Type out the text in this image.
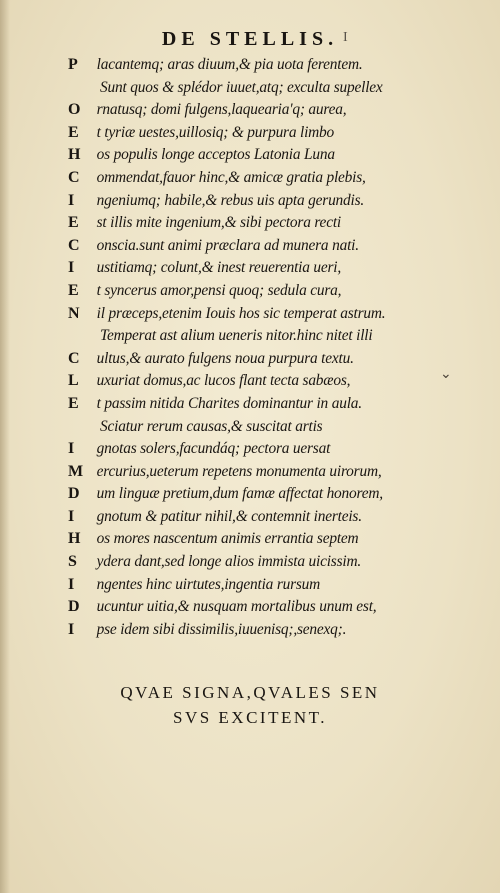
DE STELLIS. I
P lacantemq; aras diuum,& pia uota ferentem.
Sunt quos & splédor iuuet,atq; exculta supellex
O rnatusq; domi fulgens,laquearia'q; aurea,
E t tyriæ uestes,uillosiq; & purpura limbo
H os populis longe acceptos Latonia Luna
C ommendat,fauor hinc,& amicæ gratia plebis,
I ngeniumq; habile,& rebus uis apta gerundis.
E st illis mite ingenium,& sibi pectora recti
C onscia.sunt animi præclara ad munera nati.
I ustitiamq; colunt,& inest reuerentia ueri,
E t syncerus amor,pensi quoq; sedula cura,
N il præceps,etenim Iouis hos sic temperat astrum.
Temperat ast alium ueneris nitor.hinc nitet illi
C ultus,& aurato fulgens noua purpura textu.
L uxuriat domus,ac lucos flant tecta sabæos,
E t passim nitida Charites dominantur in aula.
Sciatur rerum causas,& suscitat artis
I gnotas solers,facundáq; pectora uersat
M ercurius,ueterum repetens monumenta uirorum,
D um linguæ pretium,dum famæ affectat honorem,
I gnotum & patitur nihil,& contemnit inerteis.
H os mores nascentum animis errantia septem
S ydera dant,sed longe alios immista uicissim.
I ngentes hinc uirtutes,ingentia rursum
D ucuntur uitia,& nusquam mortalibus unum est,
I pse idem sibi dissimilis,iuuenisq;,senexq;.
QVAE SIGNA,QVALES SEN
SVS EXCITENT.
⌄
